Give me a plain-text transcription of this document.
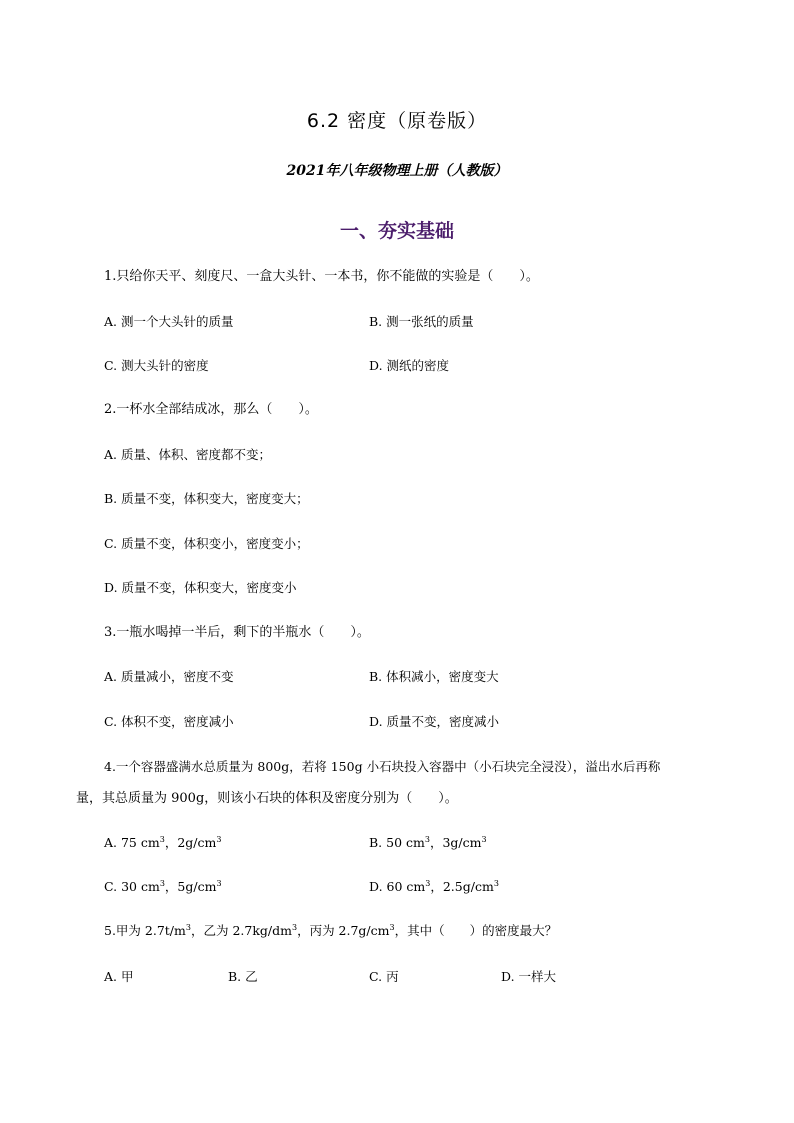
6.2 密度（原卷版）
2021年八年级物理上册（人教版）
一、夯实基础
1.只给你天平、刻度尺、一盒大头针、一本书，你不能做的实验是（　　）。
A. 测一个大头针的质量	B. 测一张纸的质量
C. 测大头针的密度	D. 测纸的密度
2.一杯水全部结成冰，那么（　　）。
A. 质量、体积、密度都不变；
B. 质量不变，体积变大，密度变大；
C. 质量不变，体积变小，密度变小；
D. 质量不变，体积变大，密度变小
3.一瓶水喝掉一半后，剩下的半瓶水（　　）。
A. 质量减小，密度不变	B. 体积减小，密度变大
C. 体积不变，密度减小	D. 质量不变，密度减小
4.一个容器盛满水总质量为 800g，若将 150g 小石块投入容器中（小石块完全浸没），溢出水后再称
量，其总质量为 900g，则该小石块的体积及密度分别为（　　）。
A. 75 $cm^3$，$2g/cm^3$	B. 50 $cm^3$，$3g/cm^3$
C. 30 $cm^3$，$5g/cm^3$	D. 60 $cm^3$，$2.5g/cm^3$
5.甲为 $2.7t/m^3$，乙为 $2.7kg/dm^3$，丙为 $2.7g/cm^3$，其中（　　）的密度最大？
A. 甲	B. 乙	C. 丙	D. 一样大
